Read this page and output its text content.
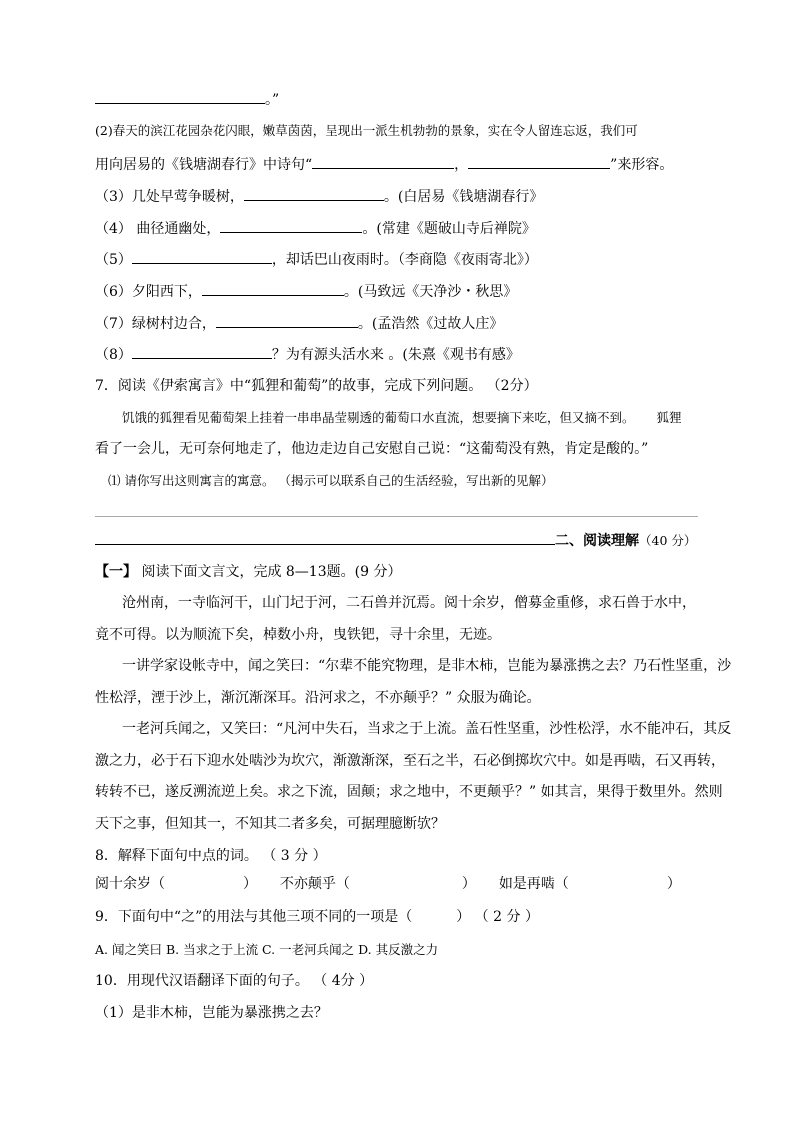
。”
(2)春天的滨江花园杂花闪眼，嫩草茵茵，呈现出一派生机勃勃的景象，实在令人留连忘返，我们可
用向居易的《钱塘湖春行》中诗句“	，	”来形容。
（3）几处早莺争暖树，	。(白居易《钱塘湖春行》
（4） 曲径通幽处，	。(常建《题破山寺后禅院》
（5）	，却话巴山夜雨时。（李商隐《夜雨寄北》）
（6）夕阳西下，	。(马致远《天净沙・秋思》
（7）绿树村边合，	。(孟浩然《过故人庄》
（8）	？为有源头活水来 。(朱熹《观书有感》
7．阅读《伊索寓言》中“狐狸和葡萄”的故事，完成下列问题。 （2分）
饥饿的狐狸看见葡萄架上挂着一串串晶莹剔透的葡萄口水直流，想要摘下来吃，但又摘不到。 狐狸
看了一会儿，无可奈何地走了，他边走边自己安慰自己说：“这葡萄没有熟，肯定是酸的。”
⑴ 请你写出这则寓言的寓意。 （揭示可以联系自己的生活经验，写出新的见解）
二、阅读理解（40 分）
【一】 阅读下面文言文，完成 8—13题。(9 分）
沧州南，一寺临河干，山门圮于河，二石兽并沉焉。阅十余岁，僧募金重修，求石兽于水中，
竟不可得。以为顺流下矣，棹数小舟，曳铁钯，寻十余里，无迹。
一讲学家设帐寺中，闻之笑曰：“尔辈不能究物理，是非木柿，岂能为暴涨携之去？乃石性坚重，沙
性松浮，湮于沙上，渐沉渐深耳。沿河求之，不亦颠乎？” 众服为确论。
一老河兵闻之，又笑曰：“凡河中失石，当求之于上流。盖石性坚重，沙性松浮，水不能冲石，其反
激之力，必于石下迎水处啮沙为坎穴，渐激渐深，至石之半，石必倒掷坎穴中。如是再啮，石又再转，
转转不已，遂反溯流逆上矣。求之下流，固颠；求之地中，不更颠乎？” 如其言，果得于数里外。然则
天下之事，但知其一，不知其二者多矣，可据理臆断欤？
8．解释下面句中点的词。 （ 3 分 ）
阅十余岁（	） 不亦颠乎（	） 如是再啮（	）
9．下面句中“之”的用法与其他三项不同的一项是（	） （ 2 分 ）
A. 闻之笑曰 B. 当求之于上流 C. 一老河兵闻之 D. 其反激之力
10．用现代汉语翻译下面的句子。 （ 4分 ）
（1）是非木柿，岂能为暴涨携之去？
